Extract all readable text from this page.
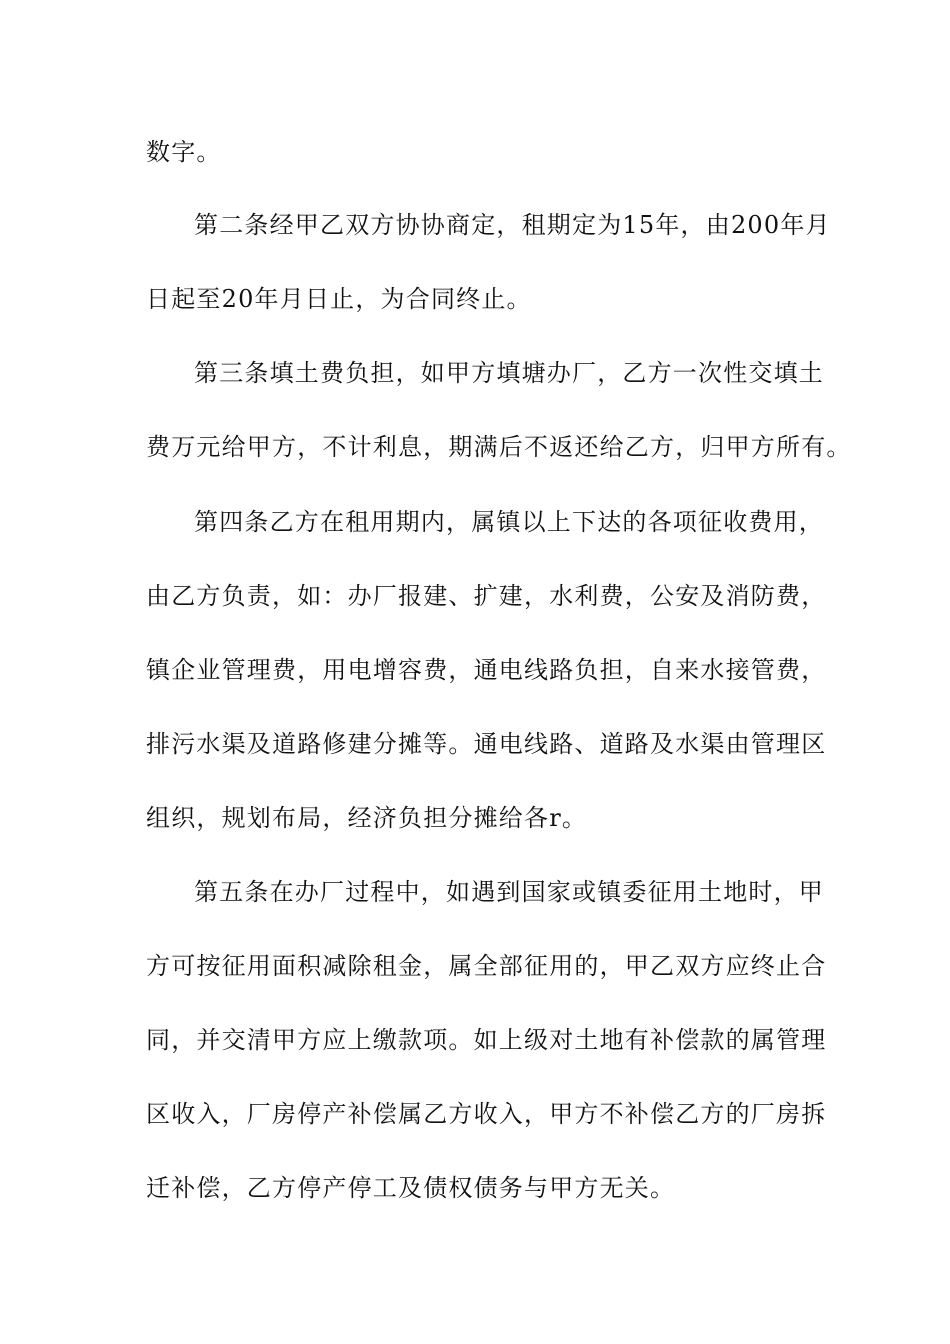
数字。
第二条经甲乙双方协协商定，租期定为15年，由200年月
日起至20年月日止，为合同终止。
第三条填土费负担，如甲方填塘办厂，乙方一次性交填土
费万元给甲方，不计利息，期满后不返还给乙方，归甲方所有。
第四条乙方在租用期内，属镇以上下达的各项征收费用，
由乙方负责，如：办厂报建、扩建，水利费，公安及消防费，
镇企业管理费，用电增容费，通电线路负担，自来水接管费，
排污水渠及道路修建分摊等。通电线路、道路及水渠由管理区
组织，规划布局，经济负担分摊给各r。
第五条在办厂过程中，如遇到国家或镇委征用土地时，甲
方可按征用面积减除租金，属全部征用的，甲乙双方应终止合
同，并交清甲方应上缴款项。如上级对土地有补偿款的属管理
区收入，厂房停产补偿属乙方收入，甲方不补偿乙方的厂房拆
迁补偿，乙方停产停工及债权债务与甲方无关。
